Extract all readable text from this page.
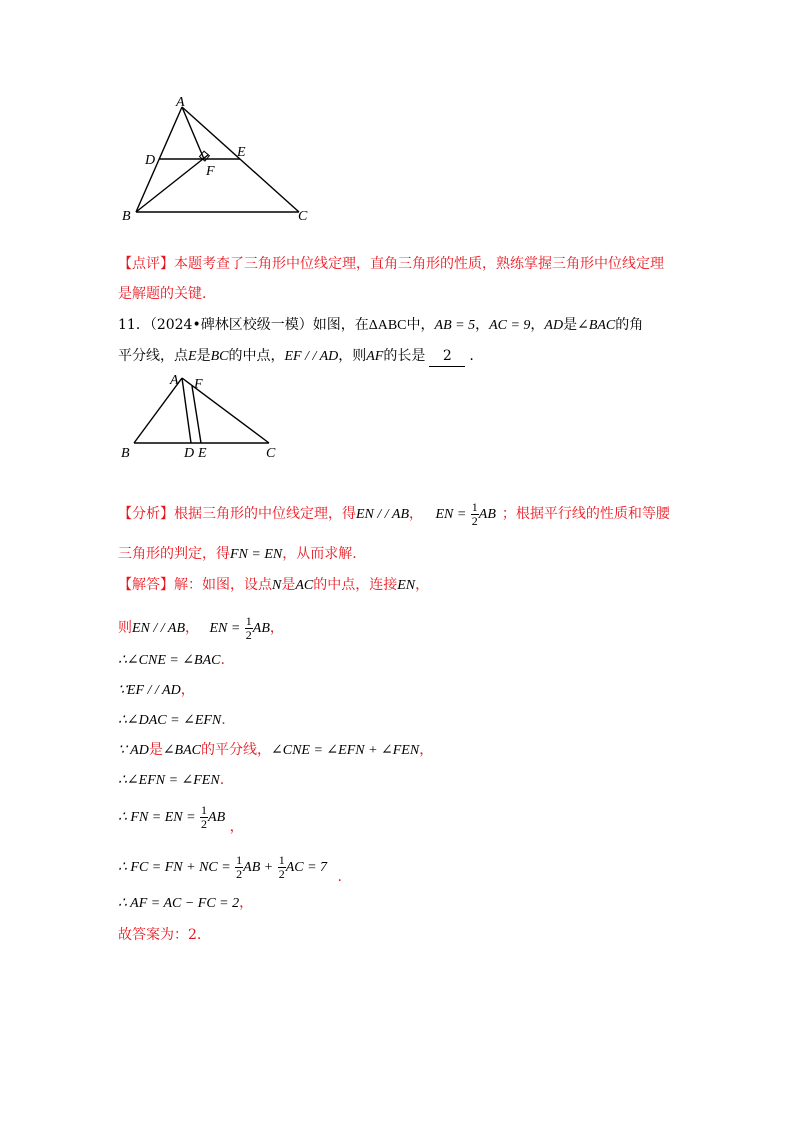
A
D
E
F
B	C
【点评】本题考查了三角形中位线定理，直角三角形的性质，熟练掌握三角形中位线定理
是解题的关键.
11．（2024•碑林区校级一模）如图，在ΔABC中，AB = 5，AC = 9，AD是∠BAC的角
平分线，点E是BC的中点，EF / / AD，则AF的长是 2 .
A F
B	D E	C
【分析】根据三角形的中位线定理，得EN / / AB， EN = $\frac{1}{2}$ AB ；根据平行线的性质和等腰
三角形的判定，得FN = EN，从而求解.
【解答】解：如图，设点N是AC的中点，连接EN，
则EN / / AB， EN = $\frac{1}{2}$ AB，
∴∠CNE = ∠BAC.
∵EF / / AD，
∴∠DAC = ∠EFN.
∵ AD是∠BAC的平分线，∠CNE = ∠EFN + ∠FEN，
∴∠EFN = ∠FEN.
∴ FN = EN = $\frac{1}{2}$ AB ，
∴ FC = FN + NC = $\frac{1}{2}$ AB + $\frac{1}{2}$ AC = 7 .
∴ AF = AC − FC = 2，
故答案为：2.
